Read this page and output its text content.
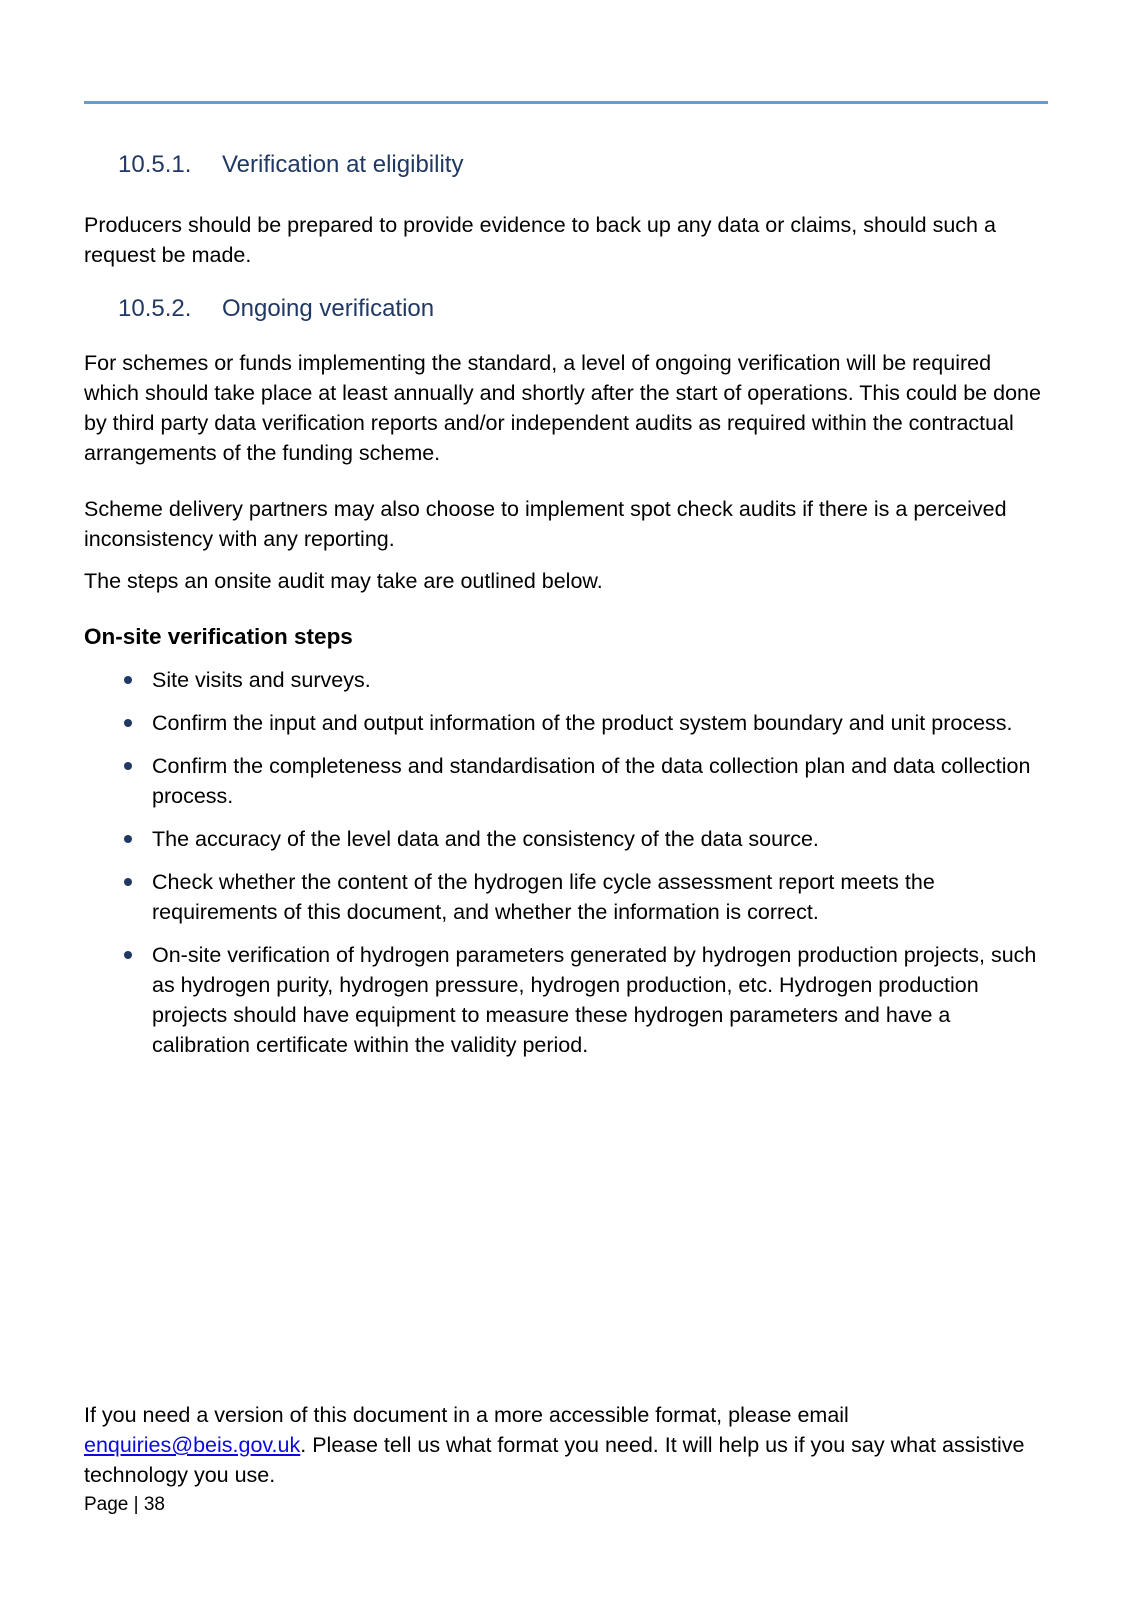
10.5.1. Verification at eligibility

Producers should be prepared to provide evidence to back up any data or claims, should such a request be made.

10.5.2. Ongoing verification

For schemes or funds implementing the standard, a level of ongoing verification will be required which should take place at least annually and shortly after the start of operations. This could be done by third party data verification reports and/or independent audits as required within the contractual arrangements of the funding scheme.

Scheme delivery partners may also choose to implement spot check audits if there is a perceived inconsistency with any reporting.

The steps an onsite audit may take are outlined below.

On-site verification steps
Site visits and surveys.
Confirm the input and output information of the product system boundary and unit process.
Confirm the completeness and standardisation of the data collection plan and data collection process.
The accuracy of the level data and the consistency of the data source.
Check whether the content of the hydrogen life cycle assessment report meets the requirements of this document, and whether the information is correct.
On-site verification of hydrogen parameters generated by hydrogen production projects, such as hydrogen purity, hydrogen pressure, hydrogen production, etc. Hydrogen production projects should have equipment to measure these hydrogen parameters and have a calibration certificate within the validity period.
If you need a version of this document in a more accessible format, please email enquiries@beis.gov.uk. Please tell us what format you need. It will help us if you say what assistive technology you use.
Page | 38
